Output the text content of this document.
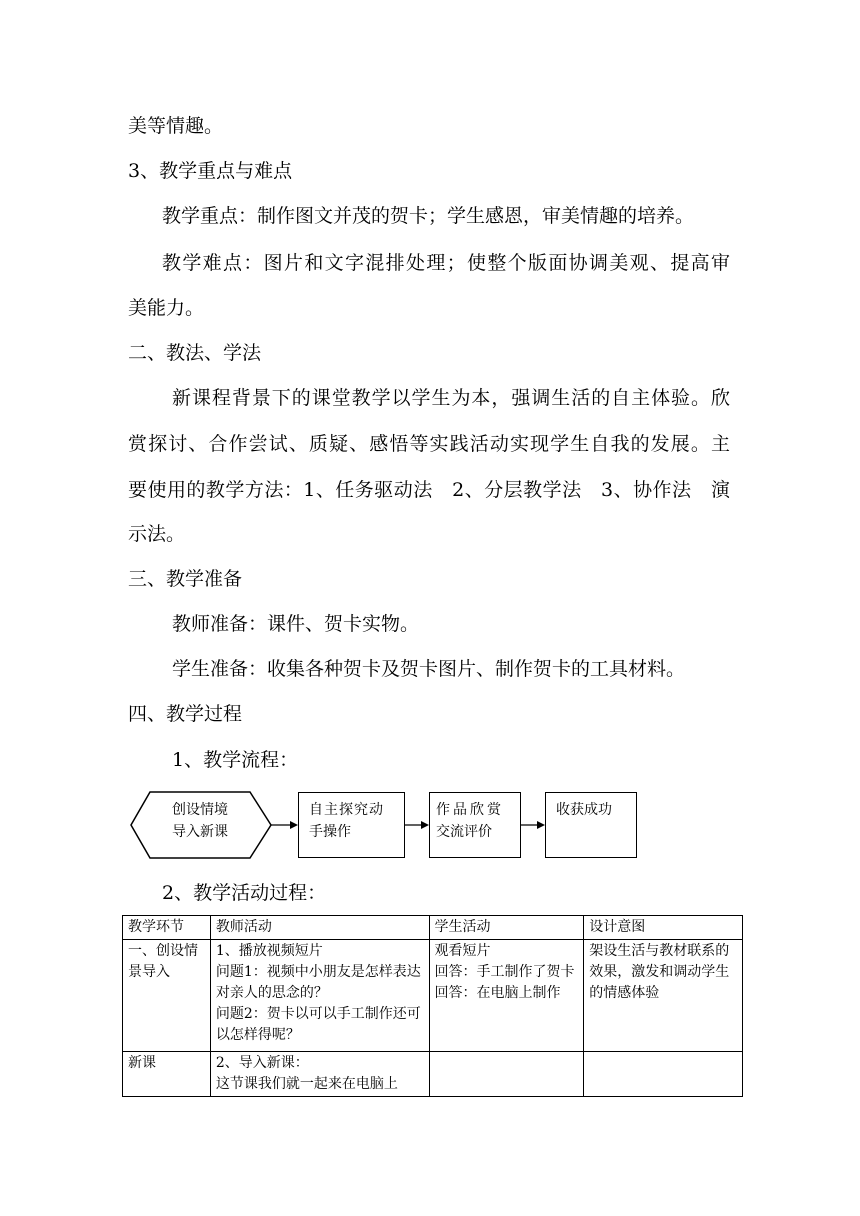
美等情趣。
3、教学重点与难点
教学重点：制作图文并茂的贺卡；学生感恩，审美情趣的培养。
教学难点：图片和文字混排处理；使整个版面协调美观、提高审
美能力。
二、教法、学法
新课程背景下的课堂教学以学生为本，强调生活的自主体验。欣
赏探讨、合作尝试、质疑、感悟等实践活动实现学生自我的发展。主
要使用的教学方法：1、任务驱动法　2、分层教学法　3、协作法　演
示法。
三、教学准备
教师准备：课件、贺卡实物。
学生准备：收集各种贺卡及贺卡图片、制作贺卡的工具材料。
四、教学过程
1、教学流程：
创设情境
导入新课
自主探究动
手操作
作品欣赏
交流评价
收获成功
2、教学活动过程：
教学环节	教师活动	学生活动	设计意图
一、创设情
景导入	1、播放视频短片
问题1：视频中小朋友是怎样表达对亲人的思念的？
问题2：贺卡以可以手工制作还可以怎样得呢？	观看短片
回答：手工制作了贺卡
回答：在电脑上制作	架设生活与教材联系的效果，激发和调动学生的情感体验
新课	2、导入新课：
这节课我们就一起来在电脑上		
